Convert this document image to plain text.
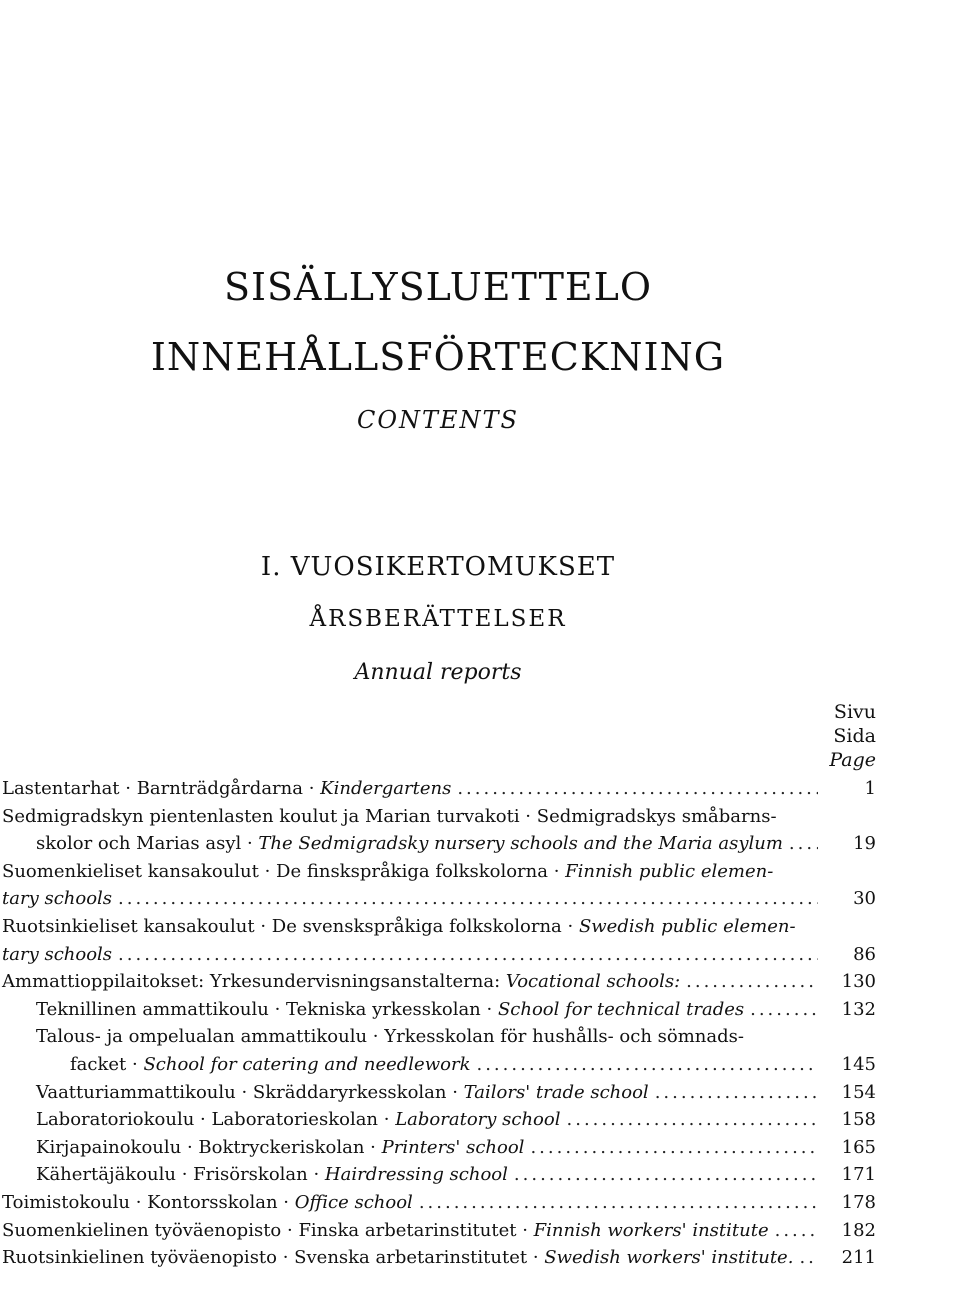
SISÄLLYSLUETTELO
INNEHÅLLSFÖRTECKNING
CONTENTS
I. VUOSIKERTOMUKSET
ÅRSBERÄTTELSER
Annual reports
Sivu
Sida
Page
Lastentarhat · Barnträdgårdarna · Kindergartens .....	1
Sedmigradskyn pientenlasten koulut ja Marian turvakoti · Sedmigradskys småbarns-
skolor och Marias asyl · The Sedmigradsky nursery schools and the Maria asylum .....	19
Suomenkieliset kansakoulut · De finskspråkiga folkskolorna · Finnish public elemen-
tary schools .....	30
Ruotsinkieliset kansakoulut · De svenskspråkiga folkskolorna · Swedish public elemen-
tary schools .....	86
Ammattioppilaitokset: Yrkesundervisningsanstalterna: Vocational schools: .....	130
Teknillinen ammattikoulu · Tekniska yrkesskolan · School for technical trades .....	132
Talous- ja ompelualan ammattikoulu · Yrkesskolan för hushålls- och sömnads-
facket · School for catering and needlework .....	145
Vaatturiammattikoulu · Skräddaryrkesskolan · Tailors' trade school .....	154
Laboratoriokoulu · Laboratorieskolan · Laboratory school .....	158
Kirjapainokoulu · Boktryckeriskolan · Printers' school .....	165
Kähertäjäkoulu · Frisörskolan · Hairdressing school .....	171
Toimistokoulu · Kontorsskolan · Office school .....	178
Suomenkielinen työväenopisto · Finska arbetarinstitutet · Finnish workers' institute .....	182
Ruotsinkielinen työväenopisto · Svenska arbetarinstitutet · Swedish workers' institute. .....	211
